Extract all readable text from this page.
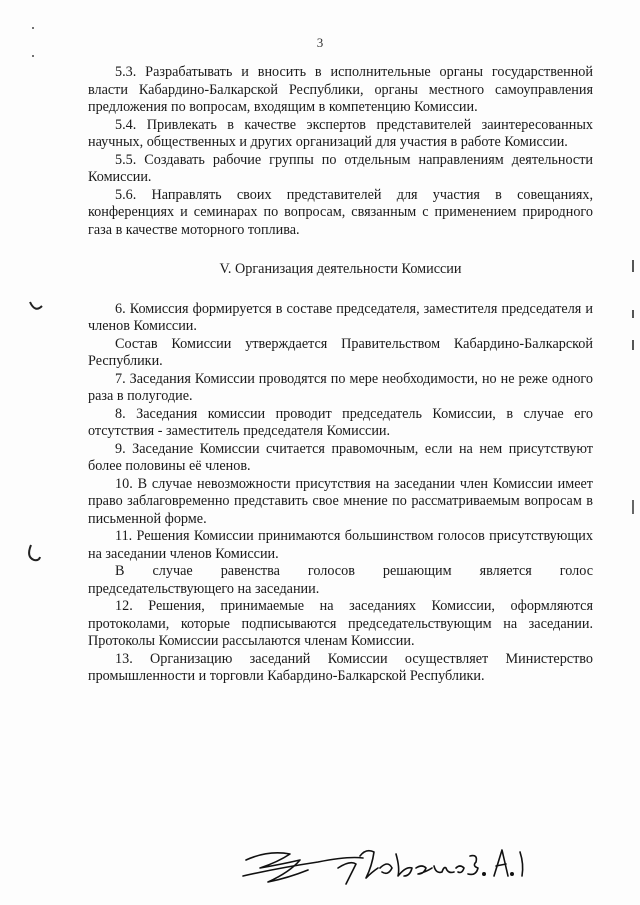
3

5.3. Разрабатывать и вносить в исполнительные органы государственной власти Кабардино-Балкарской Республики, органы местного самоуправления предложения по вопросам, входящим в компетенцию Комиссии.

5.4. Привлекать в качестве экспертов представителей заинтересованных научных, общественных и других организаций для участия в работе Комиссии.

5.5. Создавать рабочие группы по отдельным направлениям деятельности Комиссии.

5.6. Направлять своих представителей для участия в совещаниях, конференциях и семинарах по вопросам, связанным с применением природного газа в качестве моторного топлива.

V. Организация деятельности Комиссии

6. Комиссия формируется в составе председателя, заместителя председателя и членов Комиссии.

Состав Комиссии утверждается Правительством Кабардино-Балкарской Республики.

7. Заседания Комиссии проводятся по мере необходимости, но не реже одного раза в полугодие.

8. Заседания комиссии проводит председатель Комиссии, в случае его отсутствия - заместитель председателя Комиссии.

9. Заседание Комиссии считается правомочным, если на нем присутствуют более половины её членов.

10. В случае невозможности присутствия на заседании член Комиссии имеет право заблаговременно представить свое мнение по рассматриваемым вопросам в письменной форме.

11. Решения Комиссии принимаются большинством голосов присутствующих на заседании членов Комиссии.

В случае равенства голосов решающим является голос председательствующего на заседании.

12. Решения, принимаемые на заседаниях Комиссии, оформляются протоколами, которые подписываются председательствующим на заседании. Протоколы Комиссии рассылаются членам Комиссии.

13. Организацию заседаний Комиссии осуществляет Министерство промышленности и торговли Кабардино-Балкарской Республики.
